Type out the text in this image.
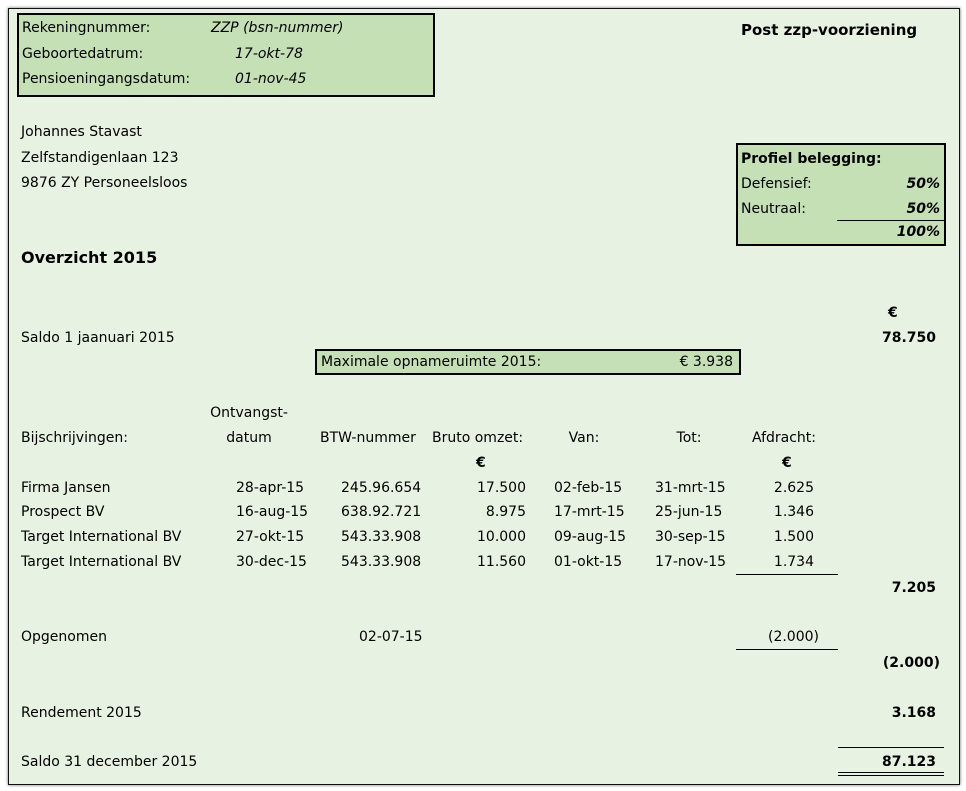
Rekeningnummer:	ZZP (bsn-nummer)
Geboortedatrum:	17-okt-78
Pensioeningangsdatum:	01-nov-45
Post zzp-voorziening
Johannes Stavast
Zelfstandigenlaan 123
9876 ZY Personeelsloos
Profiel belegging:
Defensief:	50%
Neutraal:	50%
100%
Overzicht 2015
€
Saldo 1 jaanuari 2015	78.750
Maximale opnameruimte 2015:	€ 3.938
Ontvangst-
Bijschrijvingen:	datum	BTW-nummer Bruto omzet:	Van:	Tot:	Afdracht:
€	€
Firma Jansen	28-apr-15	245.96.654	17.500 02-feb-15 31-mrt-15	2.625
Prospect BV	16-aug-15 638.92.721	8.975 17-mrt-15 25-jun-15	1.346
Target International BV	27-okt-15	543.33.908	10.000 09-aug-15 30-sep-15	1.500
Target International BV	30-dec-15 543.33.908	11.560 01-okt-15 17-nov-15	1.734
7.205
Opgenomen	02-07-15	(2.000)
(2.000)
Rendement 2015	3.168
Saldo 31 december 2015	87.123
